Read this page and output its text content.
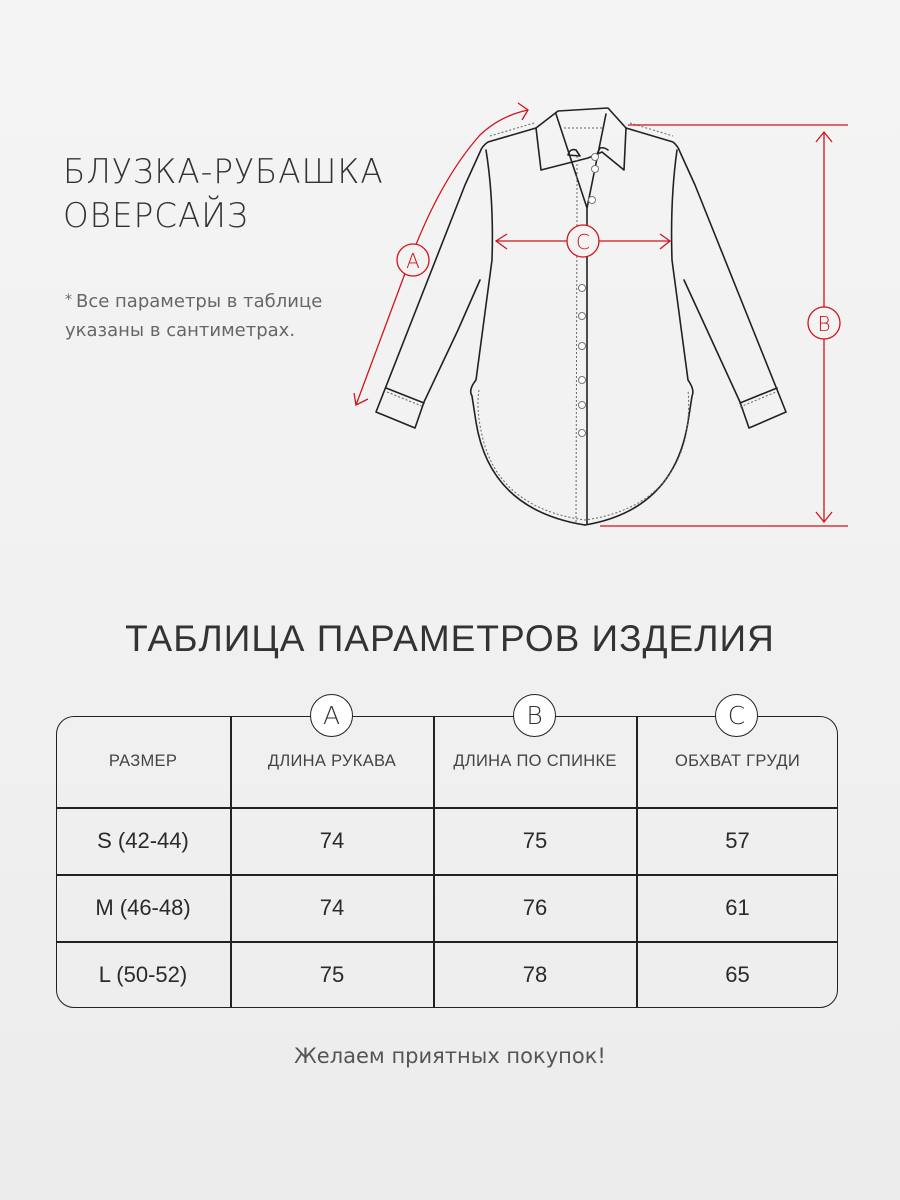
БЛУЗКА-РУБАШКА
ОВЕРСАЙЗ
* Все параметры в таблице
указаны в сантиметрах.
A
C
B
ТАБЛИЦА ПАРАМЕТРОВ ИЗДЕЛИЯ
A	B	C
РАЗМЕР	ДЛИНА РУКАВА	ДЛИНА ПО СПИНКЕ	ОБХВАТ ГРУДИ
S (42-44)	74	75	57
M (46-48)	74	76	61
L (50-52)	75	78	65
Желаем приятных покупок!
